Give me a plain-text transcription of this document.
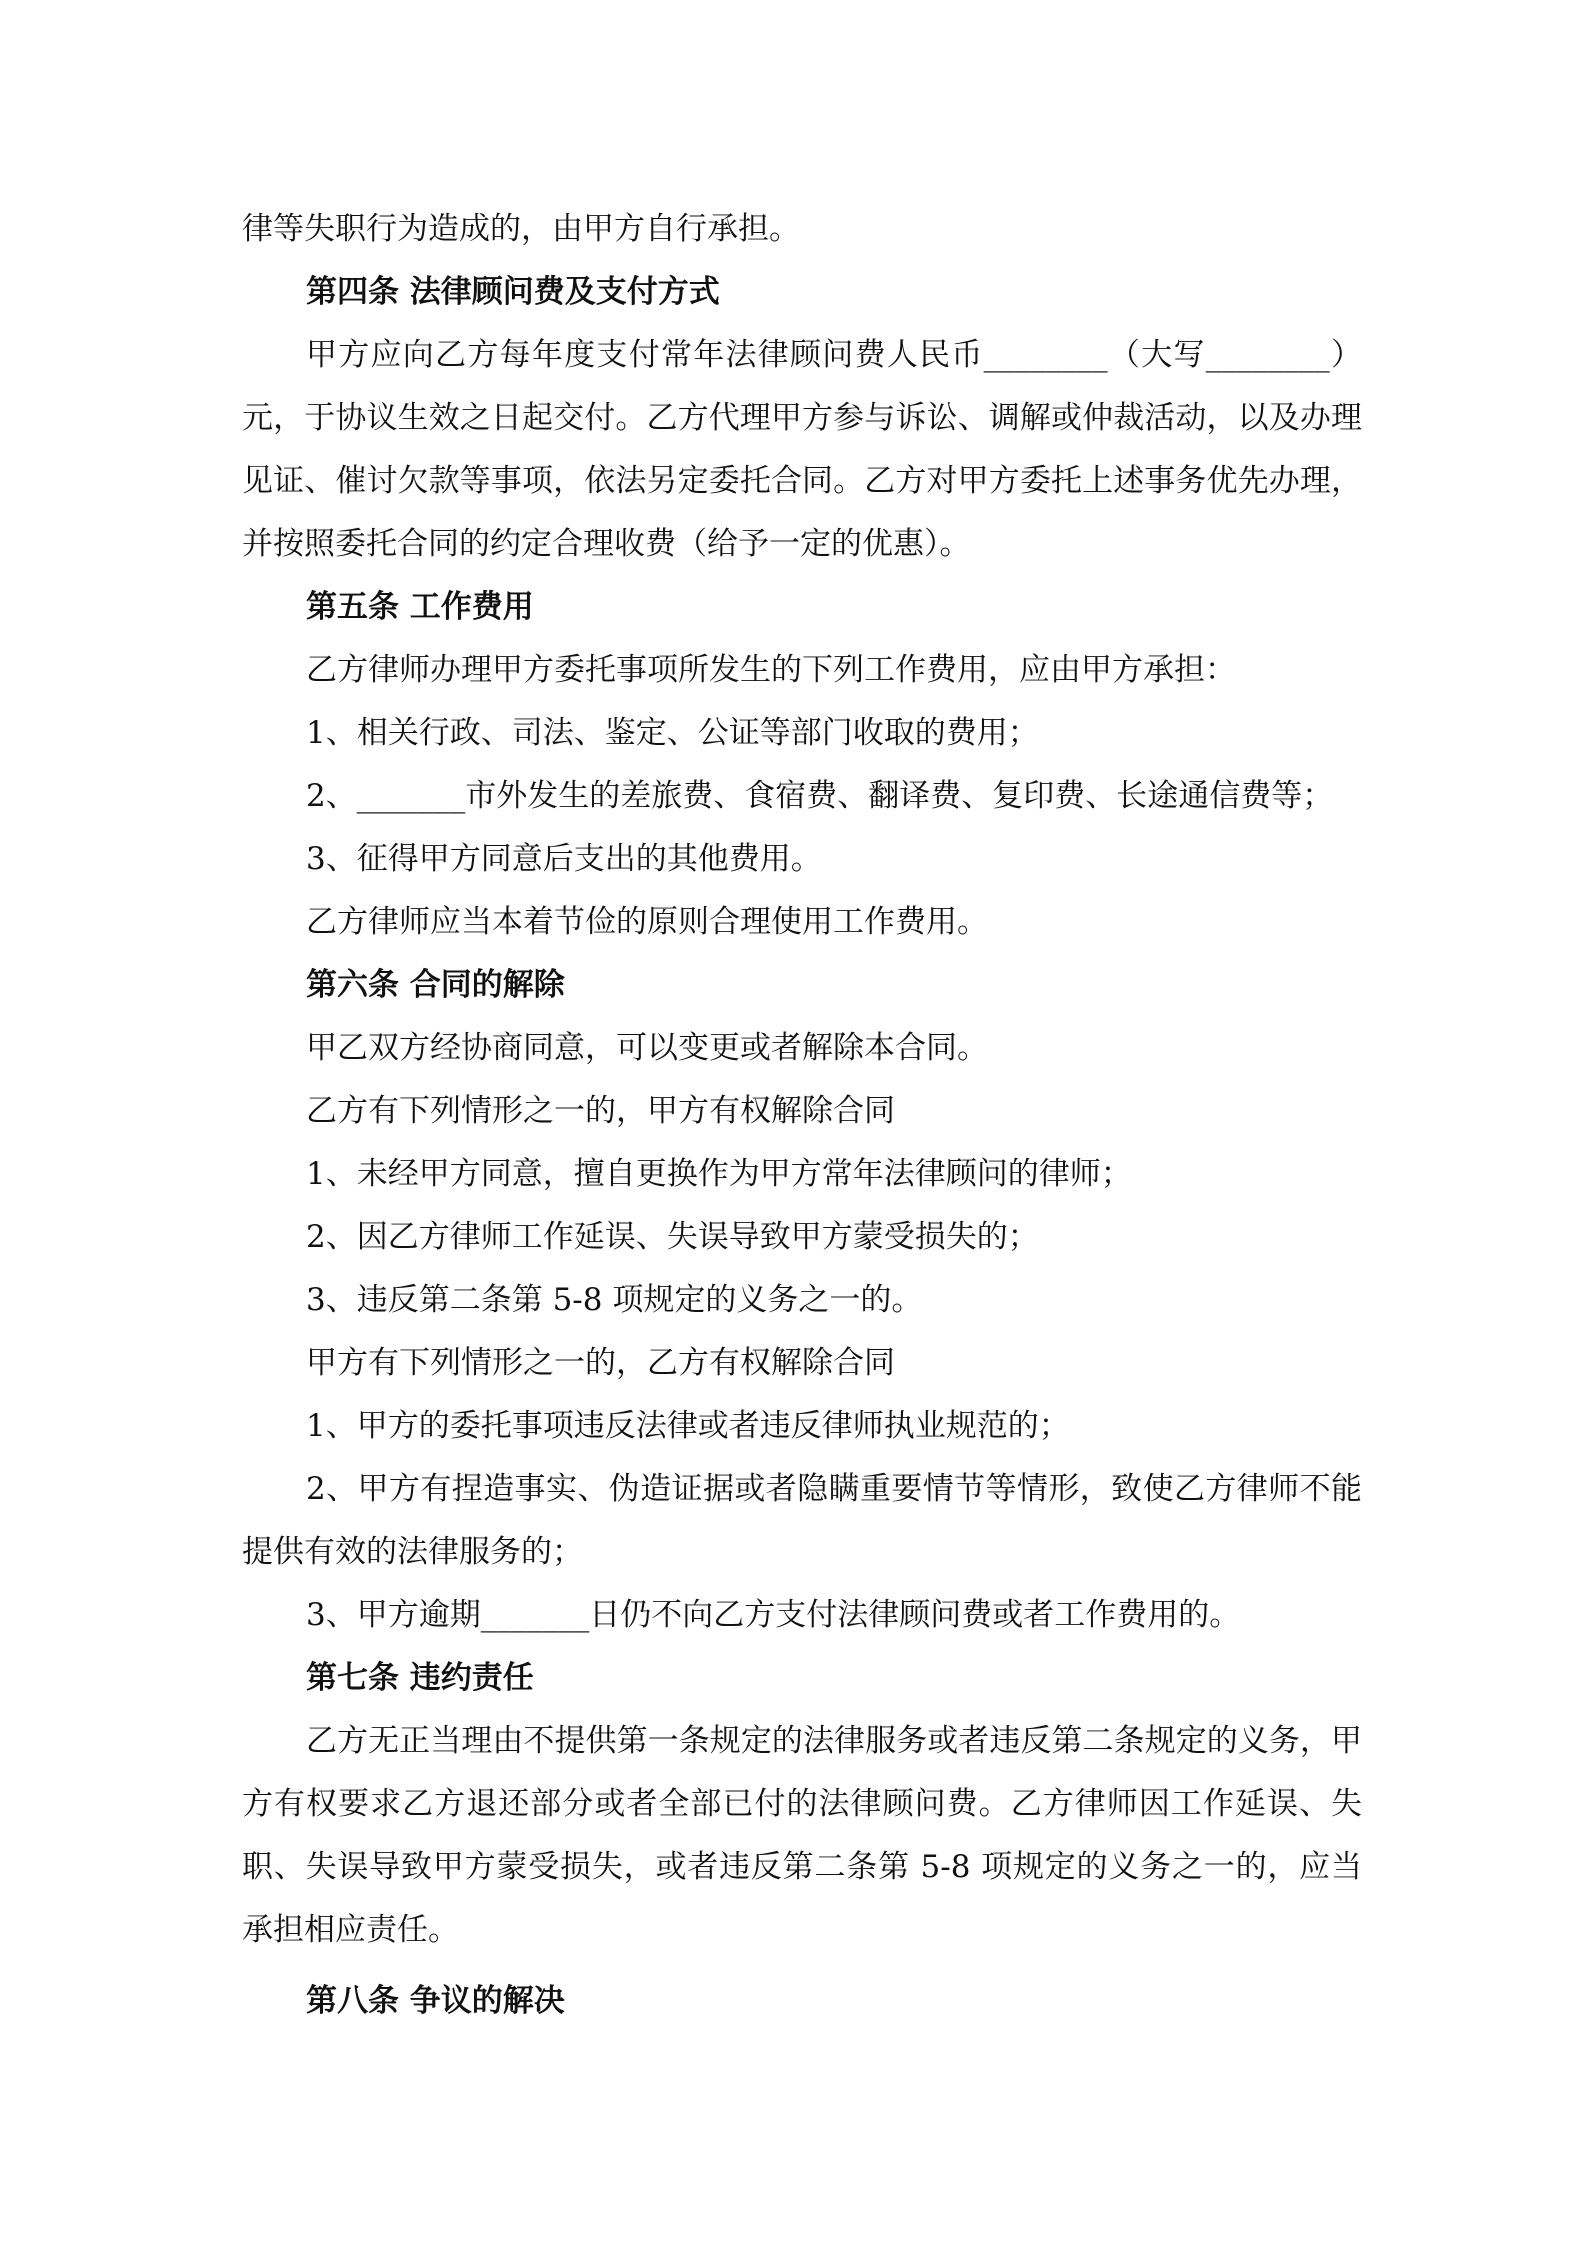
律等失职行为造成的，由甲方自行承担。

第四条 法律顾问费及支付方式

甲方应向乙方每年度支付常年法律顾问费人民币________（大写________）元，于协议生效之日起交付。乙方代理甲方参与诉讼、调解或仲裁活动，以及办理见证、催讨欠款等事项，依法另定委托合同。乙方对甲方委托上述事务优先办理，并按照委托合同的约定合理收费（给予一定的优惠）。

第五条 工作费用

乙方律师办理甲方委托事项所发生的下列工作费用，应由甲方承担：

1、相关行政、司法、鉴定、公证等部门收取的费用；

2、_______市外发生的差旅费、食宿费、翻译费、复印费、长途通信费等；

3、征得甲方同意后支出的其他费用。

乙方律师应当本着节俭的原则合理使用工作费用。

第六条 合同的解除

甲乙双方经协商同意，可以变更或者解除本合同。

乙方有下列情形之一的，甲方有权解除合同

1、未经甲方同意，擅自更换作为甲方常年法律顾问的律师；

2、因乙方律师工作延误、失误导致甲方蒙受损失的；

3、违反第二条第 5-8 项规定的义务之一的。

甲方有下列情形之一的，乙方有权解除合同

1、甲方的委托事项违反法律或者违反律师执业规范的；

2、甲方有捏造事实、伪造证据或者隐瞒重要情节等情形，致使乙方律师不能提供有效的法律服务的；

3、甲方逾期_______日仍不向乙方支付法律顾问费或者工作费用的。

第七条 违约责任

乙方无正当理由不提供第一条规定的法律服务或者违反第二条规定的义务，甲方有权要求乙方退还部分或者全部已付的法律顾问费。乙方律师因工作延误、失职、失误导致甲方蒙受损失，或者违反第二条第 5-8 项规定的义务之一的，应当承担相应责任。

第八条 争议的解决
